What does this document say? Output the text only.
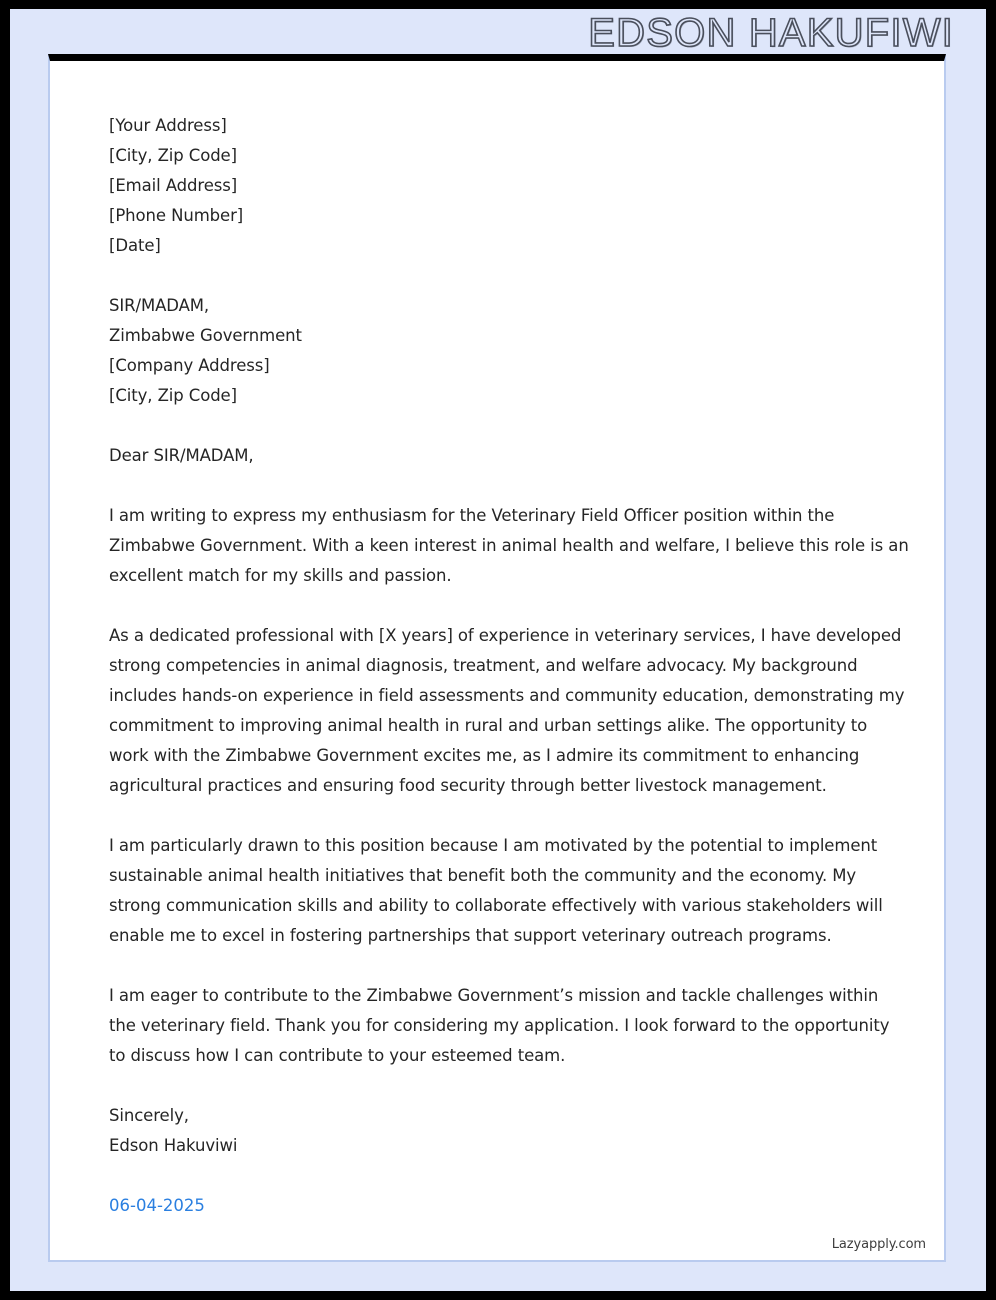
EDSON HAKUFIWI
[Your Address]
[City, Zip Code]
[Email Address]
[Phone Number]
[Date]
SIR/MADAM,
Zimbabwe Government
[Company Address]
[City, Zip Code]
Dear SIR/MADAM,

I am writing to express my enthusiasm for the Veterinary Field Officer position within the Zimbabwe Government. With a keen interest in animal health and welfare, I believe this role is an excellent match for my skills and passion.

As a dedicated professional with [X years] of experience in veterinary services, I have developed strong competencies in animal diagnosis, treatment, and welfare advocacy. My background includes hands-on experience in field assessments and community education, demonstrating my commitment to improving animal health in rural and urban settings alike. The opportunity to work with the Zimbabwe Government excites me, as I admire its commitment to enhancing agricultural practices and ensuring food security through better livestock management.

I am particularly drawn to this position because I am motivated by the potential to implement sustainable animal health initiatives that benefit both the community and the economy. My strong communication skills and ability to collaborate effectively with various stakeholders will enable me to excel in fostering partnerships that support veterinary outreach programs.

I am eager to contribute to the Zimbabwe Government’s mission and tackle challenges within the veterinary field. Thank you for considering my application. I look forward to the opportunity to discuss how I can contribute to your esteemed team.

Sincerely,
Edson Hakuviwi
06-04-2025
Lazyapply.com
